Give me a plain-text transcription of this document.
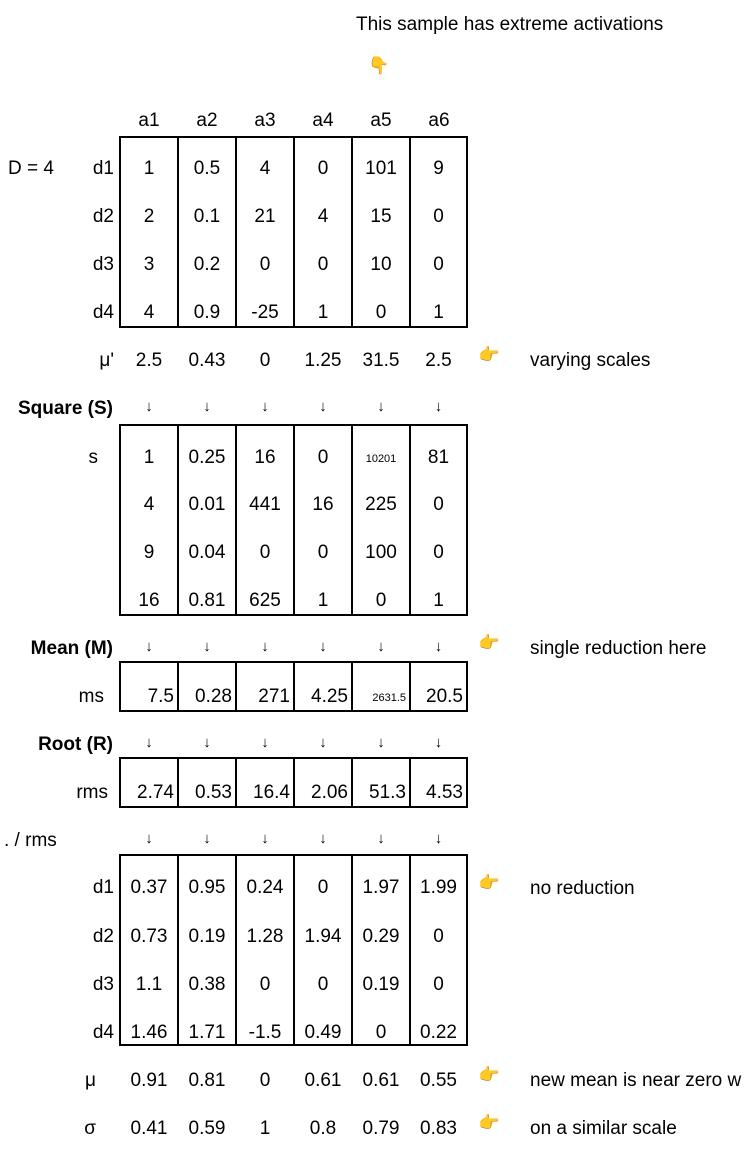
This sample has extreme activations
👇
a1	a2	a3	a4	a5	a6
D = 4 d1	1	0.5	4	0	101	9
d2	2	0.1	21	4	15	0
d3	3	0.2	0	0	10	0
d4	4	0.9	-25	1	0	1
μ'	2.5	0.43	0	1.25	31.5	2.5	👈 varying scales
Square (S)	↓	↓	↓	↓	↓	↓
s	1	0.25	16	0	10201	81
4	0.01	441	16	225	0
9	0.04	0	0	100	0
16	0.81	625	1	0	1
Mean (M)	↓	↓	↓	↓	↓	↓	👈 single reduction here
ms	7.5	0.28	271	4.25	2631.5	20.5
Root (R)	↓	↓	↓	↓	↓	↓
rms	2.74	0.53	16.4	2.06	51.3	4.53
. / rms	↓	↓	↓	↓	↓	↓
d1 0.37	0.95	0.24	0	1.97	1.99
d2 0.73	0.19	1.28	1.94	0.29	0
d3	1.1	0.38	0	0	0.19	0
d4 1.46	1.71	-1.5	0.49	0	0.22
👈 no reduction
μ	0.91	0.81	0	0.61	0.61	0.55	👈 new mean is near zero w
σ	0.41	0.59	1	0.8	0.79	0.83	👈 on a similar scale
